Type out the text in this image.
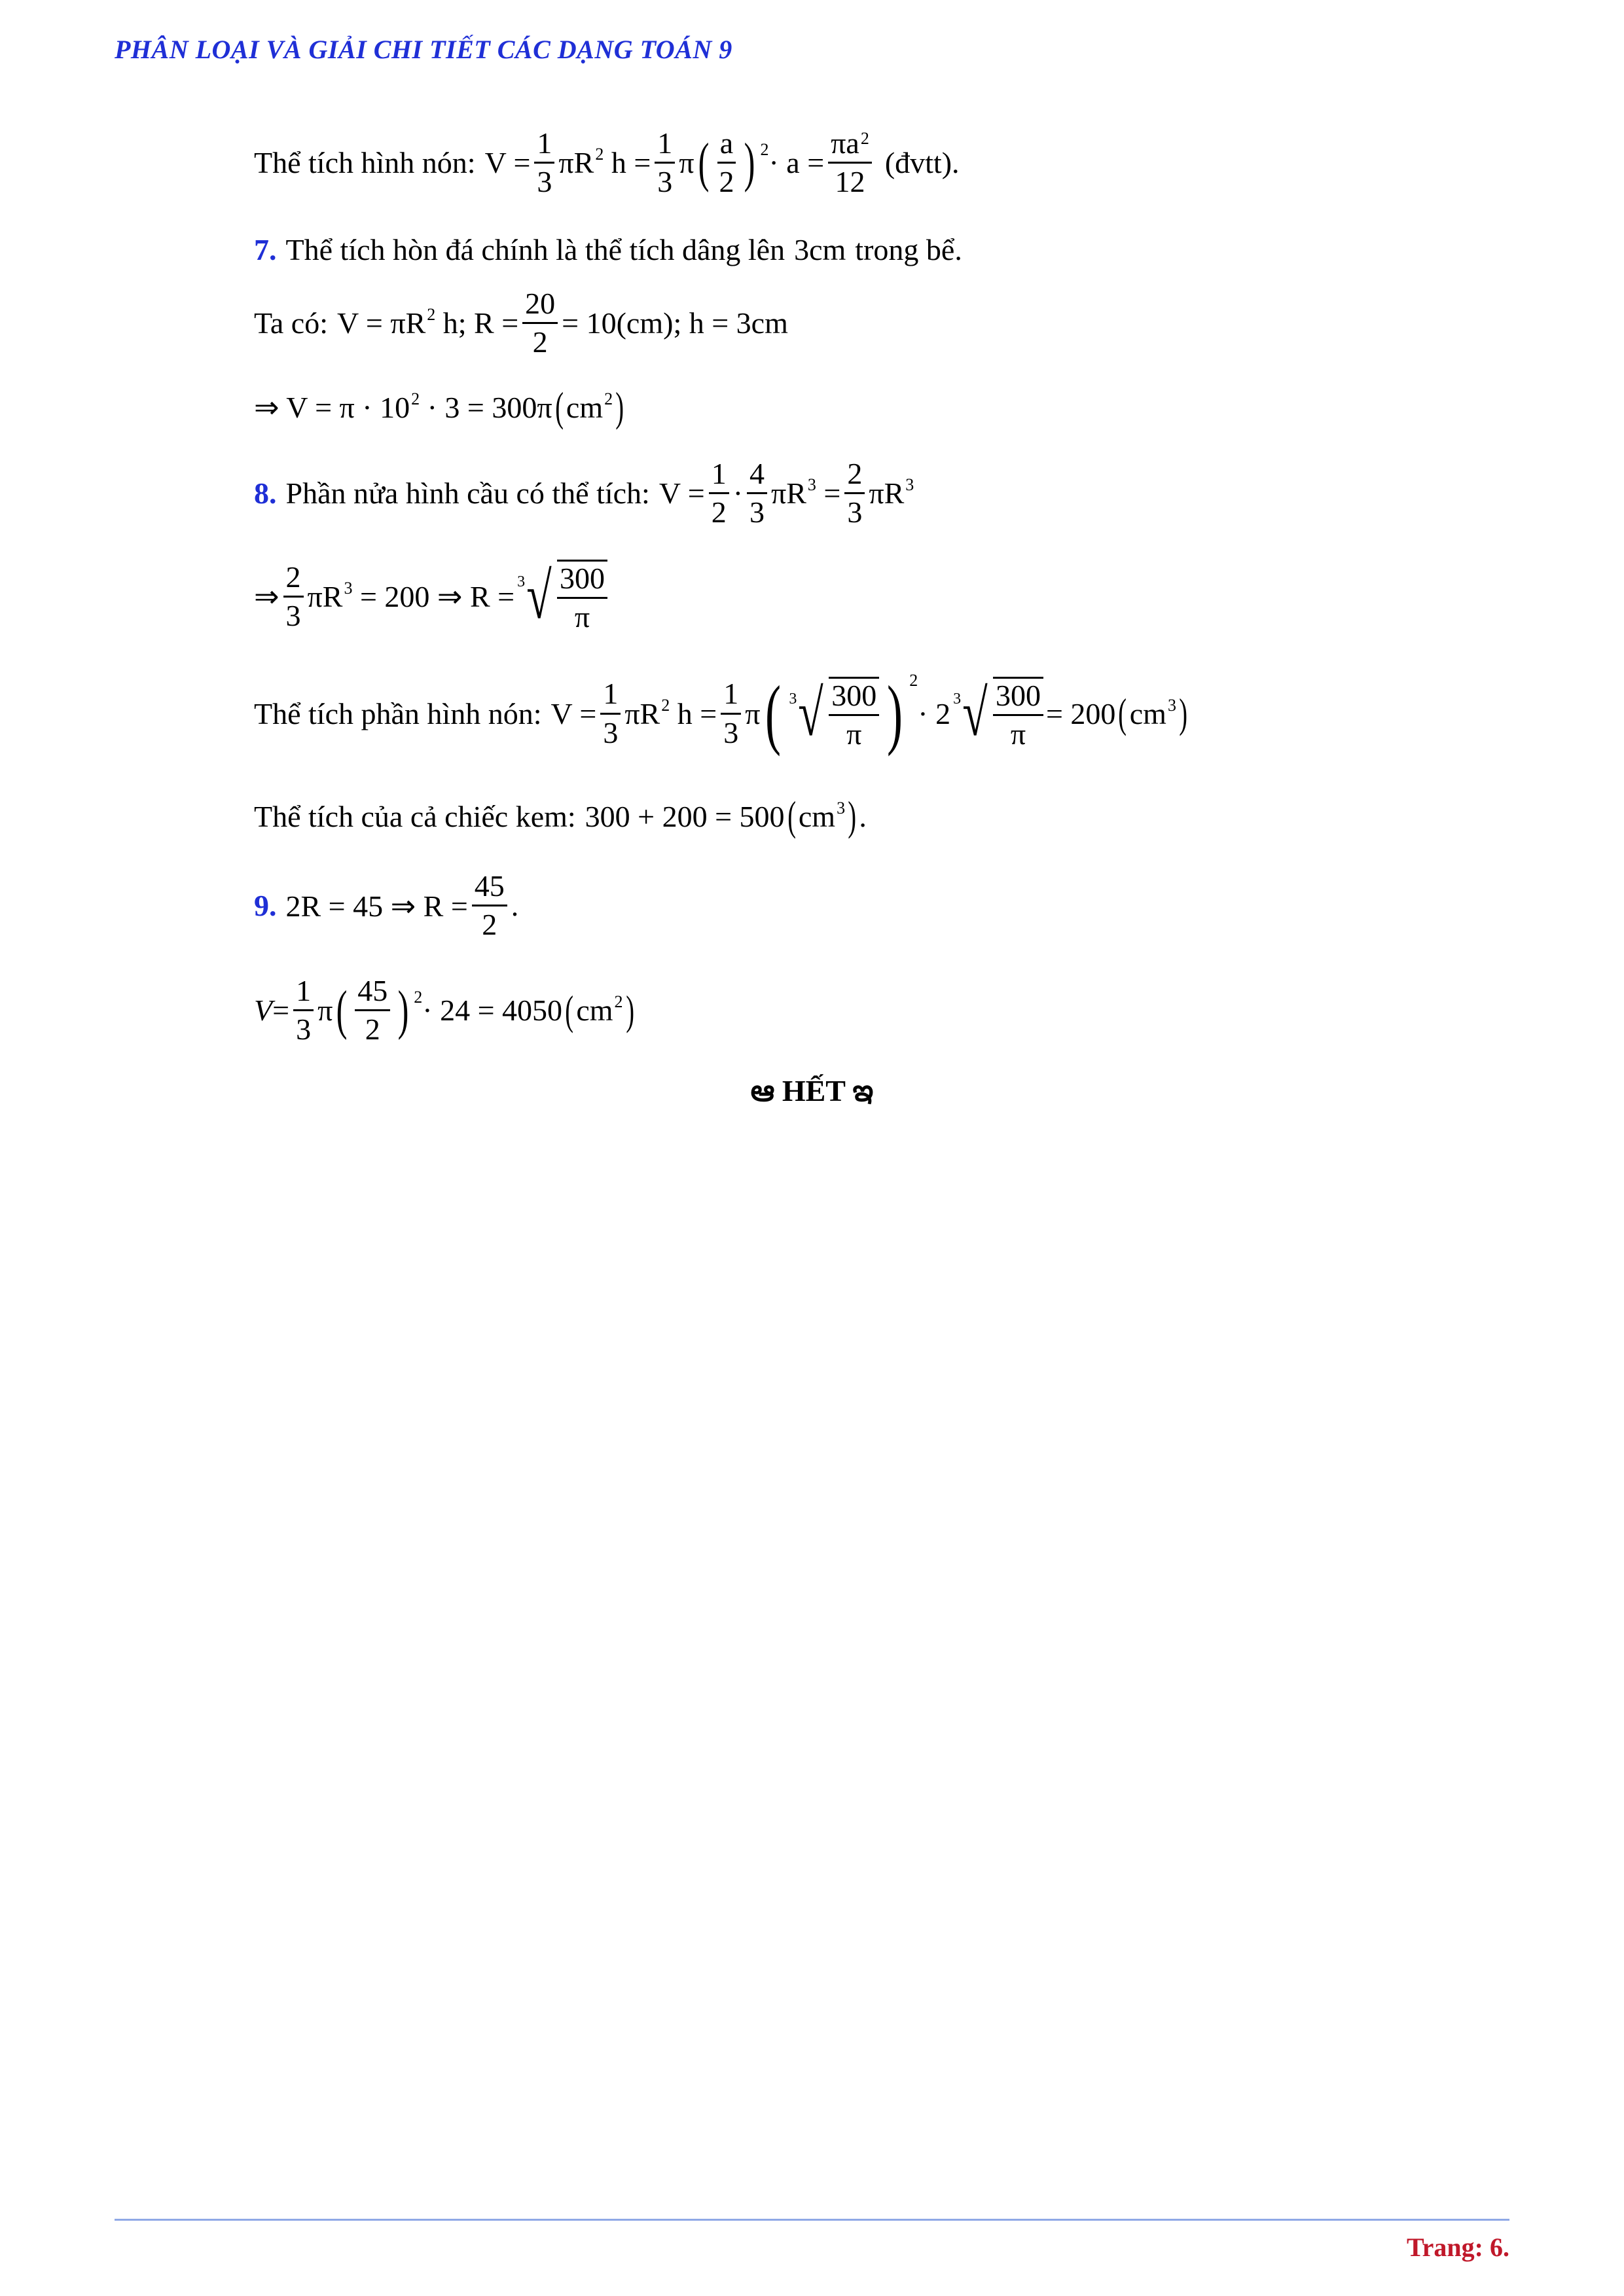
PHÂN LOẠI VÀ GIẢI CHI TIẾT CÁC DẠNG TOÁN 9
Thể tích hình nón: $V = \frac{1}{3} \pi R^2$ $h = \frac{1}{3}$ π ( $\frac{a}{2}$ ) $2 \cdot a = \frac{\pi a^2}{12}$ (đvtt).
7. Thể tích hòn đá chính là thể tích dâng lên 3cm trong bể.
Ta có: $V = \pi R^2$ h; $R = \frac{20}{2} = 10(cm)$; h = 3cm
⇒ $V = \pi \cdot 10^2 \cdot 3 = 300\pi$ ( $cm^2$ )
8. Phần nửa hình cầu có thể tích: $V = \frac{1}{2} \cdot \frac{4}{3} \pi R^3 = \frac{2}{3} \pi R^3$
⇒ $\frac{2}{3} \pi R^3 = 200$ ⇒ R = 3 √ $\frac{300}{\pi}$
Thể tích phần hình nón: $V = \frac{1}{3} \pi R^2$ $h = \frac{1}{3}$ π ( 3 √ $\frac{300}{\pi}$ ) 2
· 2 3 √ $\frac{300}{\pi} = 200$ ( $cm^3$ )
Thể tích của cả chiếc kem: 300 + 200 = 500 ( $cm^3$ ) .
9. 2R = 45 ⇒ $R = \frac{45}{2}$ .
$V = \frac{1}{3}$ π ( $\frac{45}{2}$ ) 2 · 24 = 4050 ( $cm^2$ )
ఆ HẾT ఇ
Trang: 6.
